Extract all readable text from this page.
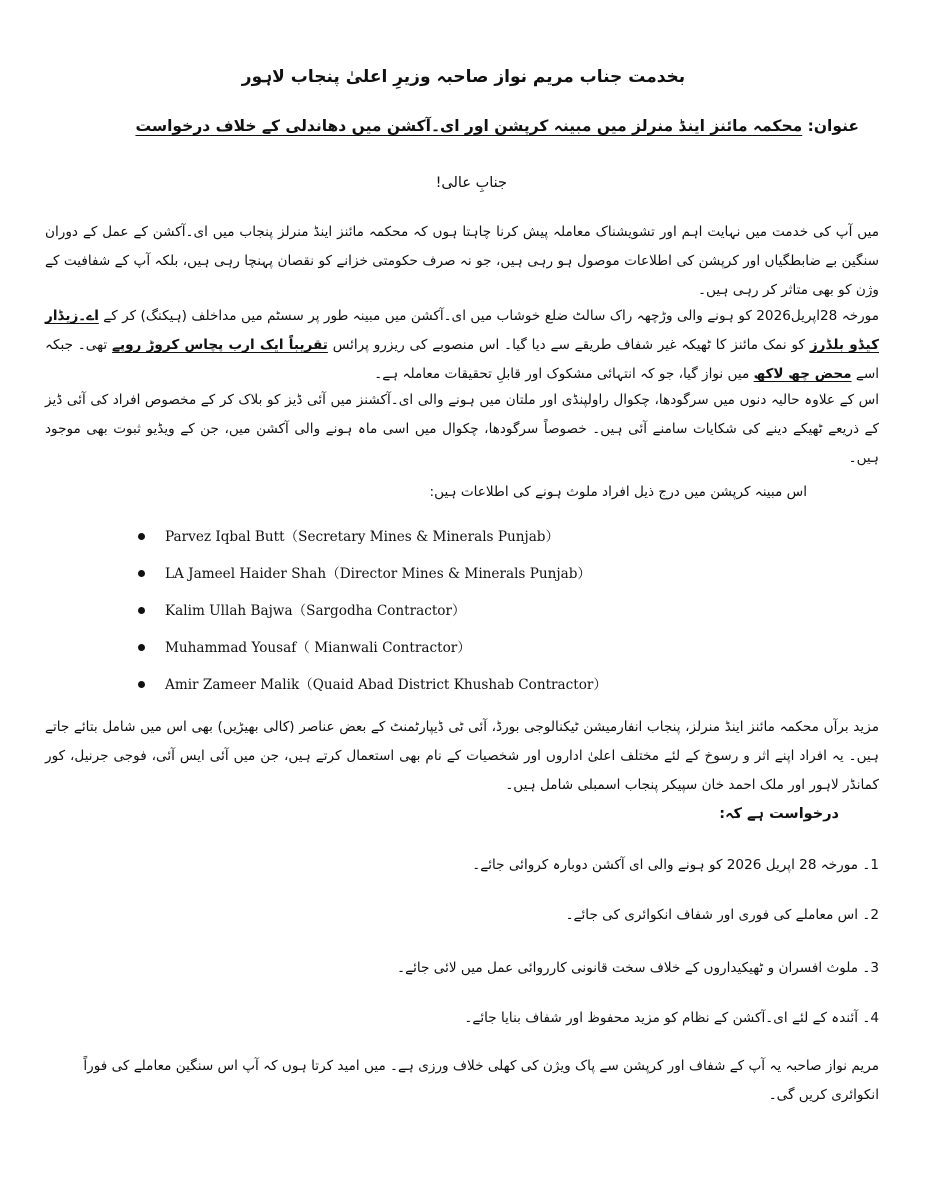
بخدمت جناب مریم نواز صاحبہ وزیرِ اعلیٰ پنجاب لاہور
عنوان: محکمہ مائنز اینڈ منرلز میں مبینہ کرپشن اور ای۔آکشن میں دھاندلی کے خلاف درخواست
جنابِ عالی!
میں آپ کی خدمت میں نہایت اہم اور تشویشناک معاملہ پیش کرنا چاہتا ہوں کہ محکمہ مائنز اینڈ منرلز پنجاب میں ای۔آکشن کے عمل کے دوران سنگین بے ضابطگیاں اور کرپشن کی اطلاعات موصول ہو رہی ہیں، جو نہ صرف حکومتی خزانے کو نقصان پہنچا رہی ہیں، بلکہ آپ کے شفافیت کے وژن کو بھی متاثر کر رہی ہیں۔
مورخہ 28اپریل2026 کو ہونے والی وڑچھہ راک سالٹ ضلع خوشاب میں ای۔آکشن میں مبینہ طور پر سسٹم میں مداخلف (ہیکنگ) کر کے اے۔زیڈار کیڈو بلڈرز کو نمک مائنز کا ٹھیکہ غیر شفاف طریقے سے دیا گیا۔ اس منصوبے کی ریزرو پرائس تقریباً ایک ارب پچاس کروڑ روپے تھی۔ جبکہ اسے محض چھ لاکھ میں نواز گیا، جو کہ انتہائی مشکوک اور قابلِ تحقیقات معاملہ ہے۔
اس کے علاوہ حالیہ دنوں میں سرگودھا، چکوال راولپنڈی اور ملتان میں ہونے والی ای۔آکشنز میں آئی ڈیز کو بلاک کر کے مخصوص افراد کی آئی ڈیز کے ذریعے ٹھیکے دینے کی شکایات سامنے آئی ہیں۔ خصوصاً سرگودھا، چکوال میں اسی ماہ ہونے والی آکشن میں، جن کے ویڈیو ثبوت بھی موجود ہیں۔
اس مبینہ کرپشن میں درج ذیل افراد ملوث ہونے کی اطلاعات ہیں:
Parvez Iqbal Butt（Secretary Mines & Minerals Punjab）
LA Jameel Haider Shah（Director Mines & Minerals Punjab）
Kalim Ullah Bajwa（Sargodha Contractor）
Muhammad Yousaf（ Mianwali Contractor）
Amir Zameer Malik（Quaid Abad District Khushab Contractor）
مزید برآں محکمہ مائنز اینڈ منرلز، پنجاب انفارمیشن ٹیکنالوجی بورڈ، آئی ٹی ڈیپارٹمنٹ کے بعض عناصر (کالی بھیڑیں) بھی اس میں شامل بتائے جاتے ہیں۔ یہ افراد اپنے اثر و رسوخ کے لئے مختلف اعلیٰ اداروں اور شخصیات کے نام بھی استعمال کرتے ہیں، جن میں آئی ایس آئی، فوجی جرنیل، کور کمانڈر لاہور اور ملک احمد خان سپیکر پنجاب اسمبلی شامل ہیں۔
درخواست ہے کہ:
1۔ مورخہ 28 اپریل 2026 کو ہونے والی ای آکشن دوبارہ کروائی جائے۔
2۔ اس معاملے کی فوری اور شفاف انکوائری کی جائے۔
3۔ ملوث افسران و ٹھیکیداروں کے خلاف سخت قانونی کارروائی عمل میں لائی جائے۔
4۔ آئندہ کے لئے ای۔آکشن کے نظام کو مزید محفوظ اور شفاف بنایا جائے۔
مریم نواز صاحبہ یہ آپ کے شفاف اور کرپشن سے پاک ویژن کی کھلی خلاف ورزی ہے۔ میں امید کرتا ہوں کہ آپ اس سنگین معاملے کی فوراً انکوائری کریں گی۔
